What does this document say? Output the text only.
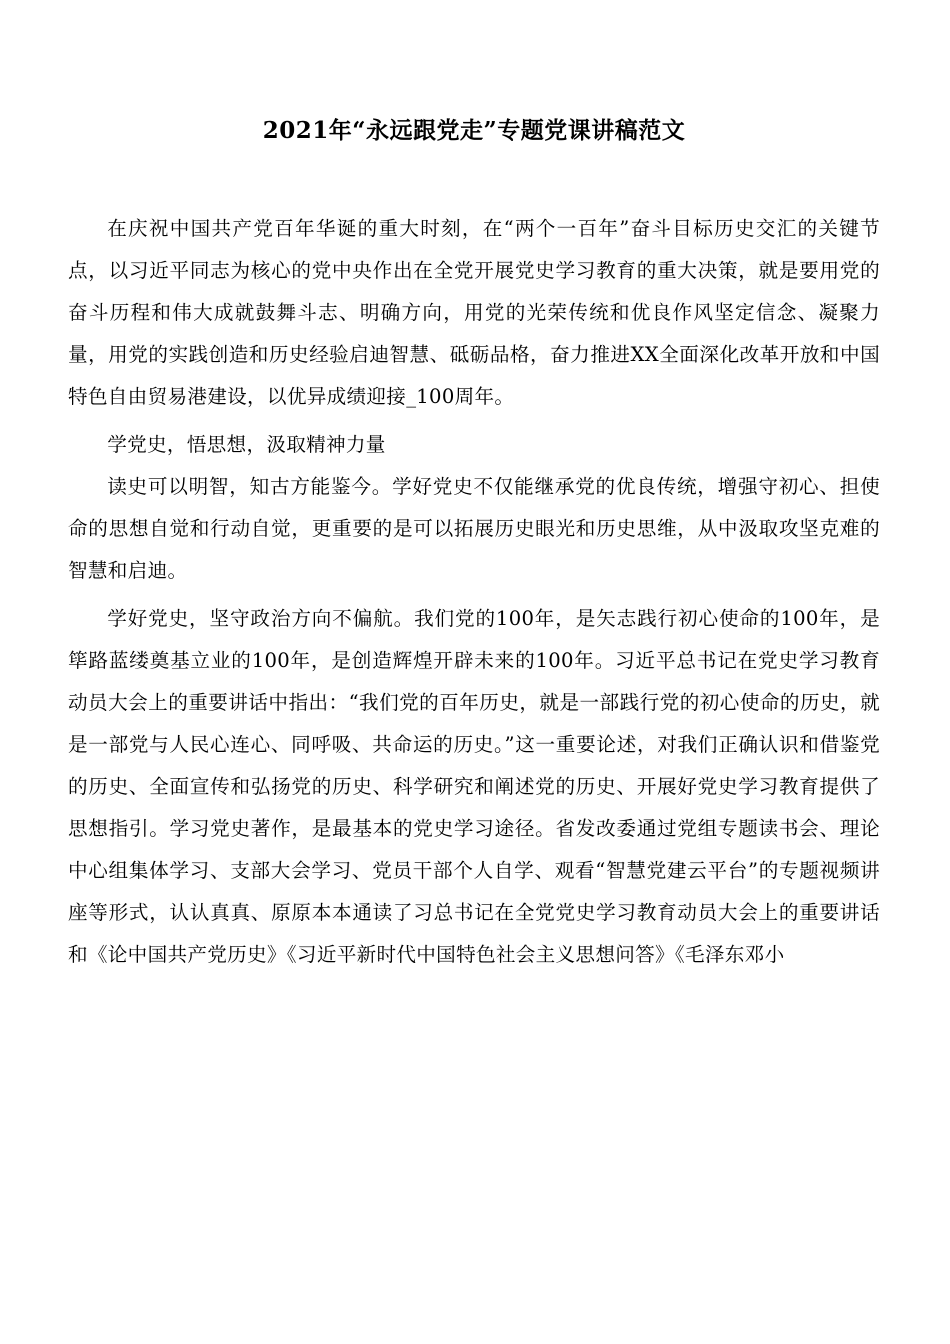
2021年“永远跟党走”专题党课讲稿范文

在庆祝中国共产党百年华诞的重大时刻，在“两个一百年”奋斗目标历史交汇的关键节点，以习近平同志为核心的党中央作出在全党开展党史学习教育的重大决策，就是要用党的奋斗历程和伟大成就鼓舞斗志、明确方向，用党的光荣传统和优良作风坚定信念、凝聚力量，用党的实践创造和历史经验启迪智慧、砥砺品格，奋力推进XX全面深化改革开放和中国特色自由贸易港建设，以优异成绩迎接_100周年。

学党史，悟思想，汲取精神力量

读史可以明智，知古方能鉴今。学好党史不仅能继承党的优良传统，增强守初心、担使命的思想自觉和行动自觉，更重要的是可以拓展历史眼光和历史思维，从中汲取攻坚克难的智慧和启迪。

学好党史，坚守政治方向不偏航。我们党的100年，是矢志践行初心使命的100年，是筚路蓝缕奠基立业的100年，是创造辉煌开辟未来的100年。习近平总书记在党史学习教育动员大会上的重要讲话中指出：“我们党的百年历史，就是一部践行党的初心使命的历史，就是一部党与人民心连心、同呼吸、共命运的历史。”这一重要论述，对我们正确认识和借鉴党的历史、全面宣传和弘扬党的历史、科学研究和阐述党的历史、开展好党史学习教育提供了思想指引。学习党史著作，是最基本的党史学习途径。省发改委通过党组专题读书会、理论中心组集体学习、支部大会学习、党员干部个人自学、观看“智慧党建云平台”的专题视频讲座等形式，认认真真、原原本本通读了习总书记在全党党史学习教育动员大会上的重要讲话和《论中国共产党历史》《习近平新时代中国特色社会主义思想问答》《毛泽东邓小
